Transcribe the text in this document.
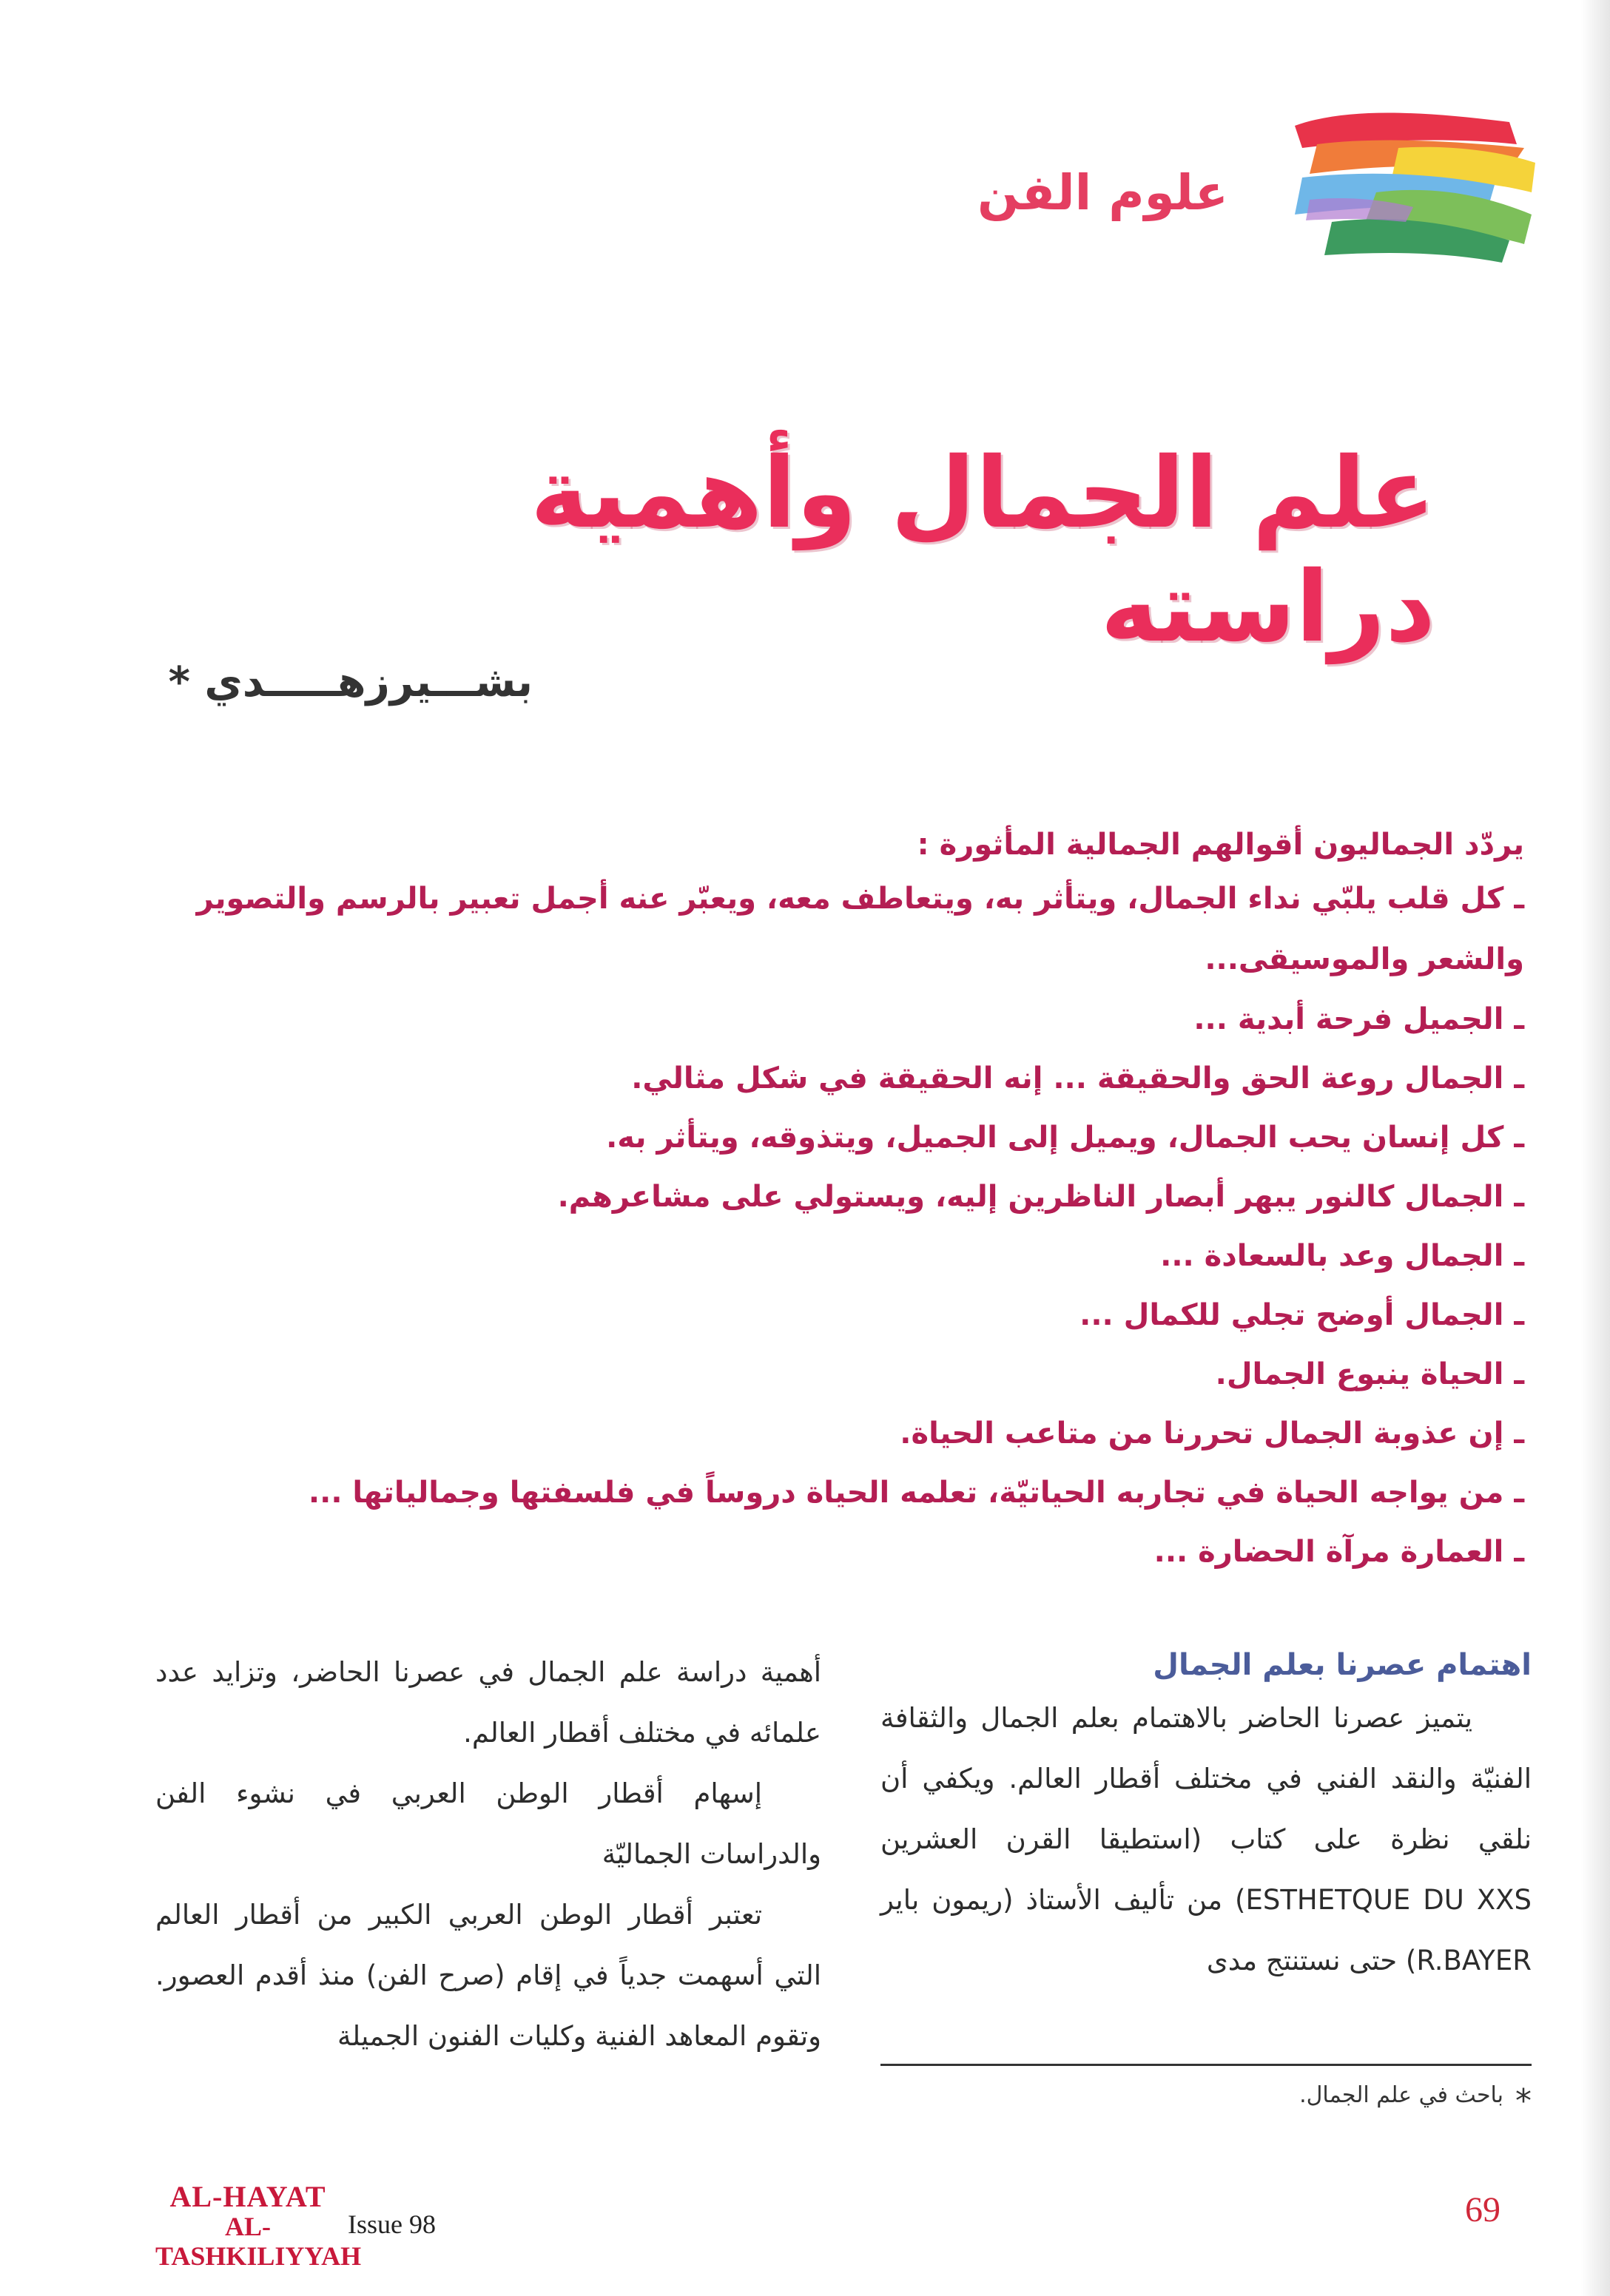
علوم الفن
علم الجمال وأهمية دراسته
بشـــيرزهـــــدي *
يردّد الجماليون أقوالهم الجمالية المأثورة :
ـ كل قلب يلبّي نداء الجمال، ويتأثر به، ويتعاطف معه، ويعبّر عنه أجمل تعبير بالرسم والتصوير والشعر والموسيقى...
ـ الجميل فرحة أبدية ...
ـ الجمال روعة الحق والحقيقة ... إنه الحقيقة في شكل مثالي.
ـ كل إنسان يحب الجمال، ويميل إلى الجميل، ويتذوقه، ويتأثر به.
ـ الجمال كالنور يبهر أبصار الناظرين إليه، ويستولي على مشاعرهم.
ـ الجمال وعد بالسعادة ...
ـ الجمال أوضح تجلي للكمال ...
ـ الحياة ينبوع الجمال.
ـ إن عذوبة الجمال تحررنا من متاعب الحياة.
ـ من يواجه الحياة في تجاربه الحياتيّة، تعلمه الحياة دروساً في فلسفتها وجمالياتها ...
ـ العمارة مرآة الحضارة ...
اهتمام عصرنا بعلم الجمال

يتميز عصرنا الحاضر بالاهتمام بعلم الجمال والثقافة الفنيّة والنقد الفني في مختلف أقطار العالم. ويكفي أن نلقي نظرة على كتاب (استطيقا القرن العشرين ESTHETQUE DU XXS) من تأليف الأستاذ (ريمون باير R.BAYER) حتى نستنتج مدى

أهمية دراسة علم الجمال في عصرنا الحاضر، وتزايد عدد علمائه في مختلف أقطار العالم.

إسهام أقطار الوطن العربي في نشوء الفن والدراسات الجماليّة

تعتبر أقطار الوطن العربي الكبير من أقطار العالم التي أسهمت جدياً في إقام (صرح الفن) منذ أقدم العصور. وتقوم المعاهد الفنية وكليات الفنون الجميلة

*باحث في علم الجمال.
AL-HAYAT
AL-TASHKILIYYAH
Issue 98	69
